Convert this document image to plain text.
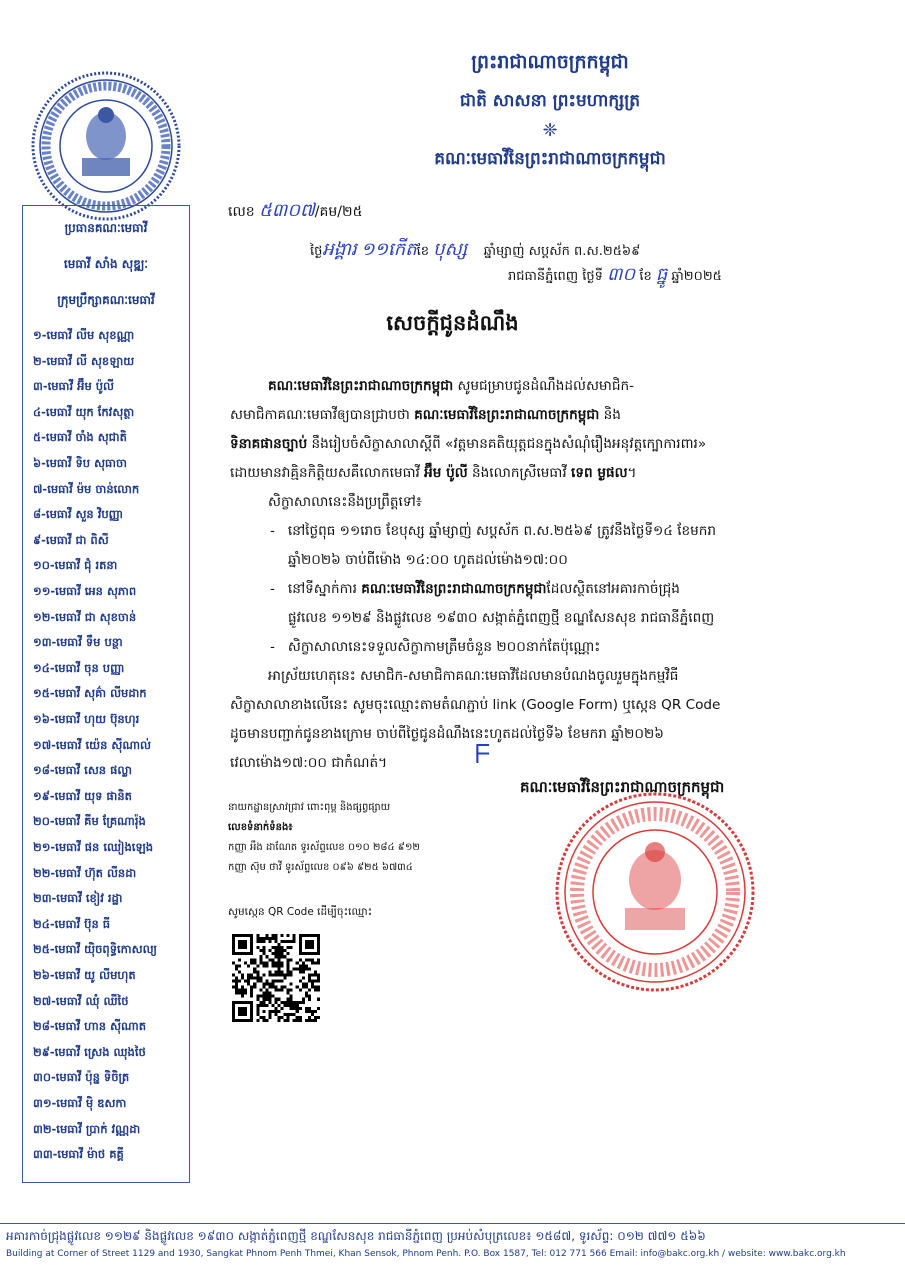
ព្រះរាជាណាចក្រកម្ពុជា
ជាតិ សាសនា ព្រះមហាក្សត្រ
❈
គណៈមេធាវីនៃព្រះរាជាណាចក្រកម្ពុជា
ប្រធានគណៈមេធាវី
មេធាវី សាំង សុឌ្ឍៈ
ក្រុមប្រឹក្សាគណៈមេធាវី
១-មេធាវី លីម សុខណ្ណា
២-មេធាវី លី សុខឡាយ
៣-មេធាវី អ៊ឹម ប៉ូលី
៤-មេធាវី យុក កែវសុត្ថា
៥-មេធាវី ចាំង សុជាតិ
៦-មេធាវី ទិប សុធាចា
៧-មេធាវី ម៉ម ចាន់លោក
៨-មេធាវី សួន វិបញ្ញា
៩-មេធាវី ជា ពិសី
១០-មេធាវី ជុំ រតនា
១១-មេធាវី អេន សុភាព
១២-មេធាវី ជា សុខចាន់
១៣-មេធាវី ទឹម បន្ថា
១៤-មេធាវី ចុន បញ្ញា
១៥-មេធាវី សុគ៌ា លីមដាក
១៦-មេធាវី ហុយ ប៊ុនហុរ
១៧-មេធាវី យ៉េន ស៊ីណាល់
១៨-មេធាវី សេន ផល្លា
១៩-មេធាវី យុទ ផានិត
២០-មេធាវី គីម គ្រែណារ៉ុង
២១-មេធាវី ផន ឈៀងឡេង
២២-មេធាវី ហ៊ុត លីនដា
២៣-មេធាវី ខៀវ រដ្ឋា
២៤-មេធាវី ប៊ុន ធី
២៥-មេធាវី យ៉ិចពុទ្ធិកោសល្យ
២៦-មេធាវី យូ លីមហុត
២៧-មេធាវី ឈុំ ឈីថៃ
២៨-មេធាវី ហាន ស៊ីណាត
២៩-មេធាវី ស្រេង ឈុងថៃ
៣០-មេធាវី ប៉ុន្ន ទិចិត្រ
៣១-មេធាវី ម៉ិ ឌសកា
៣២-មេធាវី ប្រាក់ វណ្ណដា
៣៣-មេធាវី ម៉ាថ គគ្គី
លេខ ៥៣០៧/គម/២៥
ថ្ងៃអង្គារ ១១កើតខែ បុស្ស ឆ្នាំម្សាញ់ សប្តស័ក ព.ស.២៥៦៩
រាជធានីភ្នំពេញ ថ្ងៃទី ៣០ ខែ ធ្នូ ឆ្នាំ២០២៥
សេចក្តីជូនដំណឹង
គណៈមេធាវីនៃព្រះរាជាណាចក្រកម្ពុជា សូមជម្រាបជូនដំណឹងដល់សមាជិក-
សមាជិកាគណៈមេធាវីឲ្យបានជ្រាបថា គណៈមេធាវីនៃព្រះរាជាណាចក្រកម្ពុជា និង
ទិនាគផានច្បាប់ នឹងរៀបចំសិក្ខាសាលាស្តីពី «វត្តមានគតិយុត្តជនក្នុងសំណុំរឿងអនុវត្តក្បោការពារ»
ដោយមានវាគ្មិនកិត្តិយសគឺលោកមេធាវី អ៊ឹម ប៉ូលី និងលោកស្រីមេធាវី ទេព ម្ងផល។
សិក្ខាសាលានេះនឹងប្រព្រឹត្តទៅ៖
-   នៅថ្ងៃពុធ ១១រោច ខែបុស្ស ឆ្នាំម្សាញ់ សប្តស័ក ព.ស.២៥៦៩ ត្រូវនឹងថ្ងៃទី១៤ ខែមករា
ឆ្នាំ២០២៦ ចាប់ពីម៉ោង ១៤:០០ ហូតដល់ម៉ោង១៧:០០
-   នៅទីស្នាក់ការ គណៈមេធាវីនៃព្រះរាជាណាចក្រកម្ពុជាដែលស្ថិតនៅអគារកាច់ជ្រុង
ផ្លូវលេខ ១១២៩ និងផ្លូវលេខ ១៩៣០ សង្កាត់ភ្នំពេញថ្មី ខណ្ឌសែនសុខ រាជធានីភ្នំពេញ
-   សិក្ខាសាលានេះទទួលសិក្ខាកាមត្រឹមចំនួន ២០០នាក់តែប៉ុណ្ណោះ
អាស្រ័យហេតុនេះ សមាជិក-សមាជិកាគណៈមេធាវីដែលមានបំណងចូលរួមក្នុងកម្មវិធី
សិក្ខាសាលាខាងលើនេះ សូមចុះឈ្មោះតាមតំណភ្ជាប់ link (Google Form) ឬស្កេន QR Code
ដូចមានបញ្ជាក់ជូនខាងក្រោម ចាប់ពីថ្ងៃជូនដំណឹងនេះហូតដល់ថ្ងៃទី៦ ខែមករា ឆ្នាំ២០២៦
វេលាម៉ោង១៧:០០ ជាកំណត់។	ᖴ
គណៈមេធាវីនៃព្រះរាជាណាចក្រកម្ពុជា
នាយកដ្ឋានស្រាវជ្រាវ ពោះពុម្ព និងផ្សព្វផ្សាយ
លេខទំនាក់ទំនង៖
កញ្ញា អឹង ដាណែត ទូរស័ព្ទលេខ ០១០ ២៨៤ ៩១២
កញ្ញា ស៊ុម ថាវី ទូរស័ព្ទលេខ ០៩៦ ៩២៥ ៦៧៣៤
សូមស្កេន QR Code ដើម្បីចុះឈ្មោះ
អគារកាច់ជ្រុងផ្លូវលេខ ១១២៩ និងផ្លូវលេខ ១៩៣០ សង្កាត់ភ្នំពេញថ្មី ខណ្ឌសែនសុខ រាជធានីភ្នំពេញ ប្រអប់សំបុត្រលេខ៖ ១៥៨៧, ទូរស័ព្ទ: ០១២ ៧៧១ ៥៦៦
Building at Corner of Street 1129 and 1930, Sangkat Phnom Penh Thmei, Khan Sensok, Phnom Penh. P.O. Box 1587, Tel: 012 771 566 Email: info@bakc.org.kh / website: www.bakc.org.kh
